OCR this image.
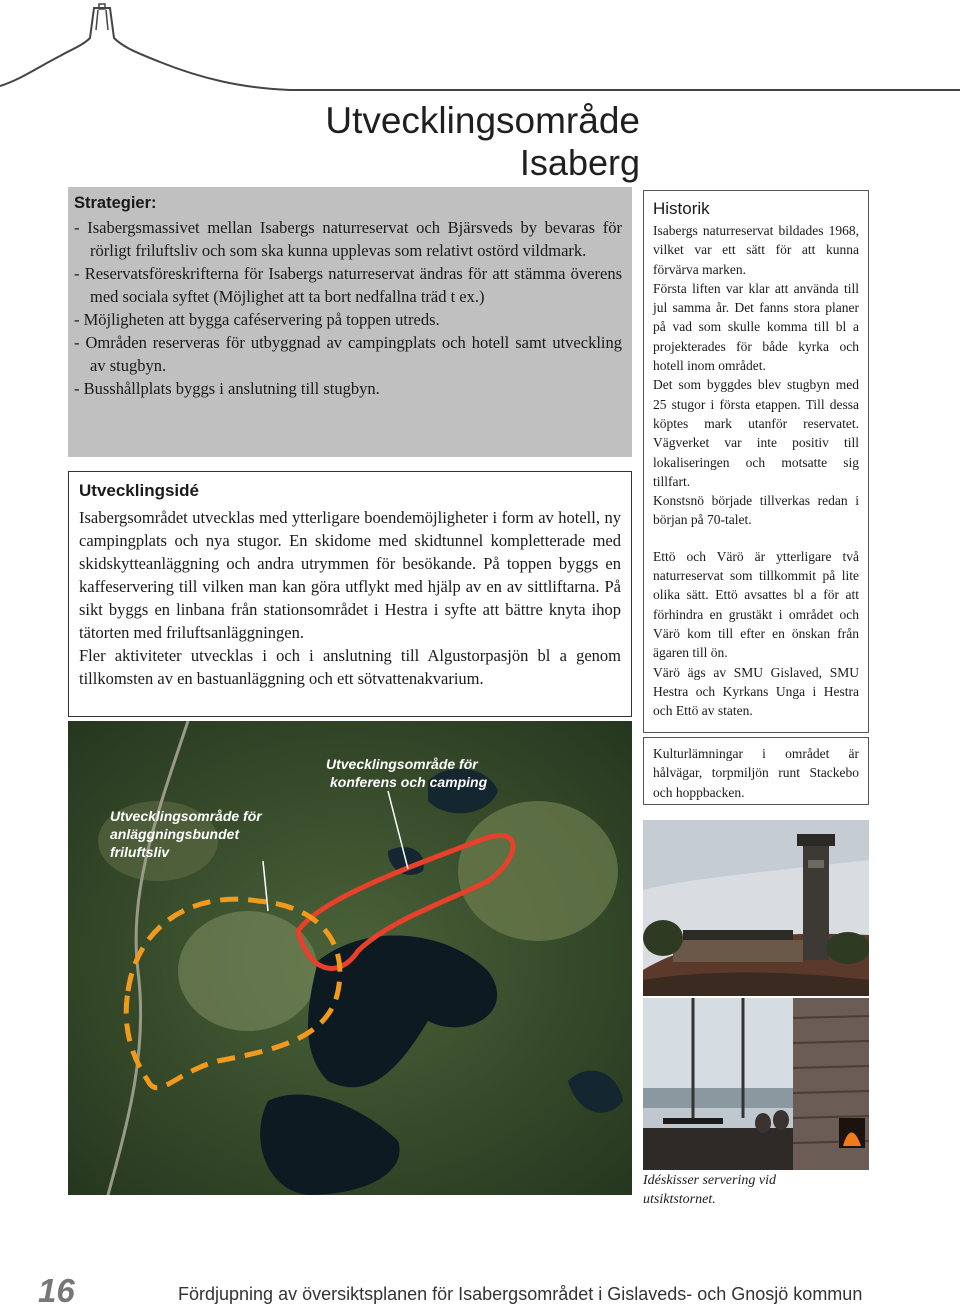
Utvecklingsområde
Isaberg
Strategier:
- Isabergsmassivet mellan Isabergs naturreservat och Bjärsveds by bevaras för rörligt friluftsliv och som ska kunna upplevas som relativt ostörd vildmark.
- Reservatsföreskrifterna för Isabergs naturreservat ändras för att stämma överens med sociala syftet (Möjlighet att ta bort nedfallna träd t ex.)
- Möjligheten att bygga caféservering på toppen utreds.
- Områden reserveras för utbyggnad av campingplats och hotell samt utveckling av stugbyn.
- Busshållplats byggs i anslutning till stugbyn.
Utvecklingsidé

Isabergsområdet utvecklas med ytterligare boendemöjligheter i form av hotell, ny campingplats och nya stugor. En skidome med skidtunnel kompletterade med skidskytteanläggning och andra utrymmen för besökande. På toppen byggs en kaffeservering till vilken man kan göra utflykt med hjälp av en av sittliftarna. På sikt byggs en linbana från stationsområdet i Hestra i syfte att bättre knyta ihop tätorten med friluftsanläggningen.

Fler aktiviteter utvecklas i och i anslutning till Algustorpasjön bl a genom tillkomsten av en bastuanläggning och ett sötvattenakvarium.

Utvecklingsområde för
konferens och camping
Utvecklingsområde för
anläggningsbundet
friluftsliv
Historik

Isabergs naturreservat bildades 1968, vilket var ett sätt för att kunna förvärva marken.

Första liften var klar att använda till jul samma år. Det fanns stora planer på vad som skulle komma till bl a projekterades för både kyrka och hotell inom området.

Det som byggdes blev stugbyn med 25 stugor i första etappen. Till dessa köptes mark utanför reservatet. Vägverket var inte positiv till lokaliseringen och motsatte sig tillfart.

Konstsnö började tillverkas redan i början på 70-talet.

Ettö och Värö är ytterligare två naturreservat som tillkommit på lite olika sätt. Ettö avsattes bl a för att förhindra en grustäkt i området och Värö kom till efter en önskan från ägaren till ön.

Värö ägs av SMU Gislaved, SMU Hestra och Kyrkans Unga i Hestra och Ettö av staten.

Kulturlämningar i området är hålvägar, torpmiljön runt Stackebo och hoppbacken.

Idéskisser servering vid utsiktstornet.
16	Fördjupning av översiktsplanen för Isabergsområdet i Gislaveds- och Gnosjö kommun
